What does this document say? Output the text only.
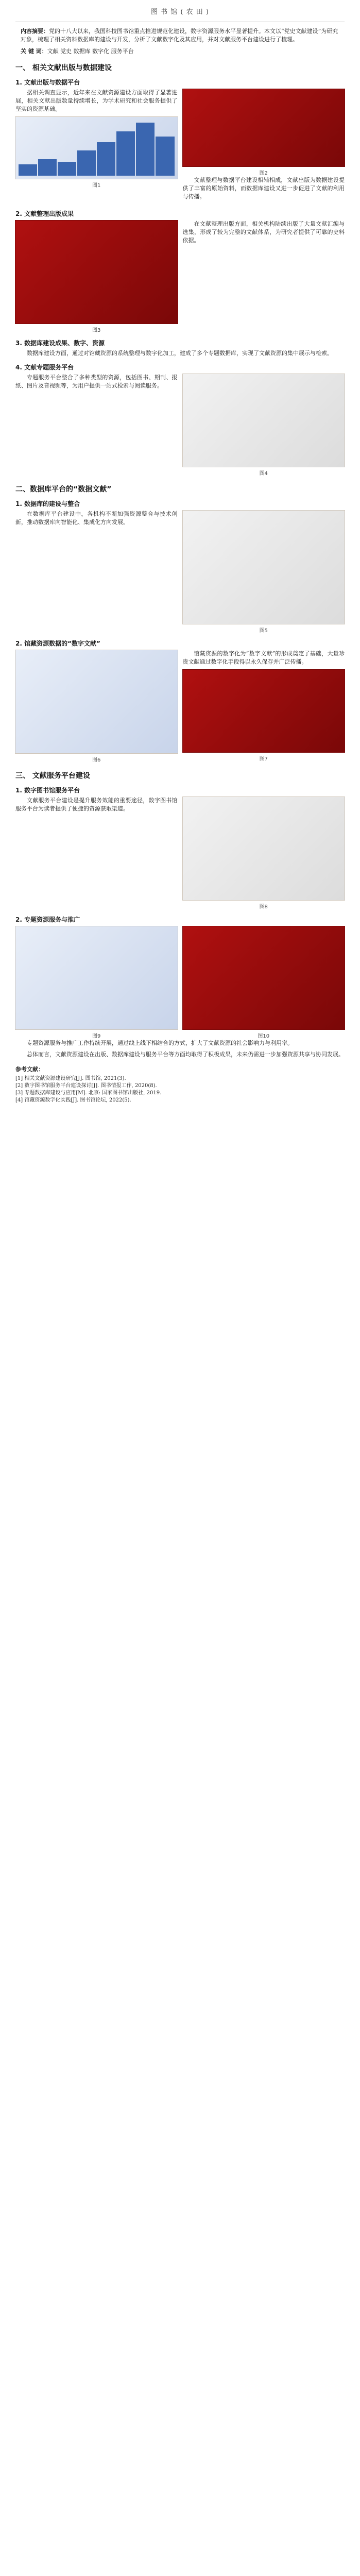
图 书 馆 ( 农 田 )
内容摘要：党的十八大以来，我国科技图书馆重点推进规范化建设，数字资源服务水平显著提升。本文以“党史文献建设”为研究对象，梳理了相关资料数据库的建设与开发，分析了文献数字化及其应用，并对文献服务平台建设进行了梳理。
关 键 词：文献 党史 数据库 数字化 服务平台
一、 相关文献出版与数据建设
1. 文献出版与数据平台

据相关调查显示，近年来在文献资源建设方面取得了显著进展，相关文献出版数量持续增长，为学术研究和社会服务提供了坚实的资源基础。

图1
图2

文献整理与数据平台建设相辅相成，文献出版为数据建设提供了丰富的原始资料，而数据库建设又进一步促进了文献的利用与传播。

2. 文献整理出版成果
图3

在文献整理出版方面，相关机构陆续出版了大量文献汇编与选集，形成了较为完整的文献体系，为研究者提供了可靠的史料依据。

3. 数据库建设成果、数字、资源

数据库建设方面，通过对馆藏资源的系统整理与数字化加工，建成了多个专题数据库，实现了文献资源的集中展示与检索。

4. 文献专题服务平台

专题服务平台整合了多种类型的资源，包括图书、期刊、报纸、图片及音视频等，为用户提供一站式检索与阅读服务。

图4
二、数据库平台的“数据文献”
1. 数据库的建设与整合

在数据库平台建设中，各机构不断加强资源整合与技术创新，推动数据库向智能化、集成化方向发展。

图5
2. 馆藏资源数据的“数字文献”
图6

馆藏资源的数字化为“数字文献”的形成奠定了基础，大量珍贵文献通过数字化手段得以永久保存并广泛传播。

图7
三、 文献服务平台建设
1. 数字图书馆服务平台

文献服务平台建设是提升服务效能的重要途径，数字图书馆服务平台为读者提供了便捷的资源获取渠道。

图8
2. 专题资源服务与推广
图9	图10

专题资源服务与推广工作持续开展，通过线上线下相结合的方式，扩大了文献资源的社会影响力与利用率。

总体而言，文献资源建设在出版、数据库建设与服务平台等方面均取得了积极成果，未来仍需进一步加强资源共享与协同发展。

参考文献：
[1] 相关文献资源建设研究[J]. 图书馆, 2021(3).
[2] 数字图书馆服务平台建设探讨[J]. 图书情报工作, 2020(8).
[3] 专题数据库建设与应用[M]. 北京: 国家图书馆出版社, 2019.
[4] 馆藏资源数字化实践[J]. 图书馆论坛, 2022(5).
